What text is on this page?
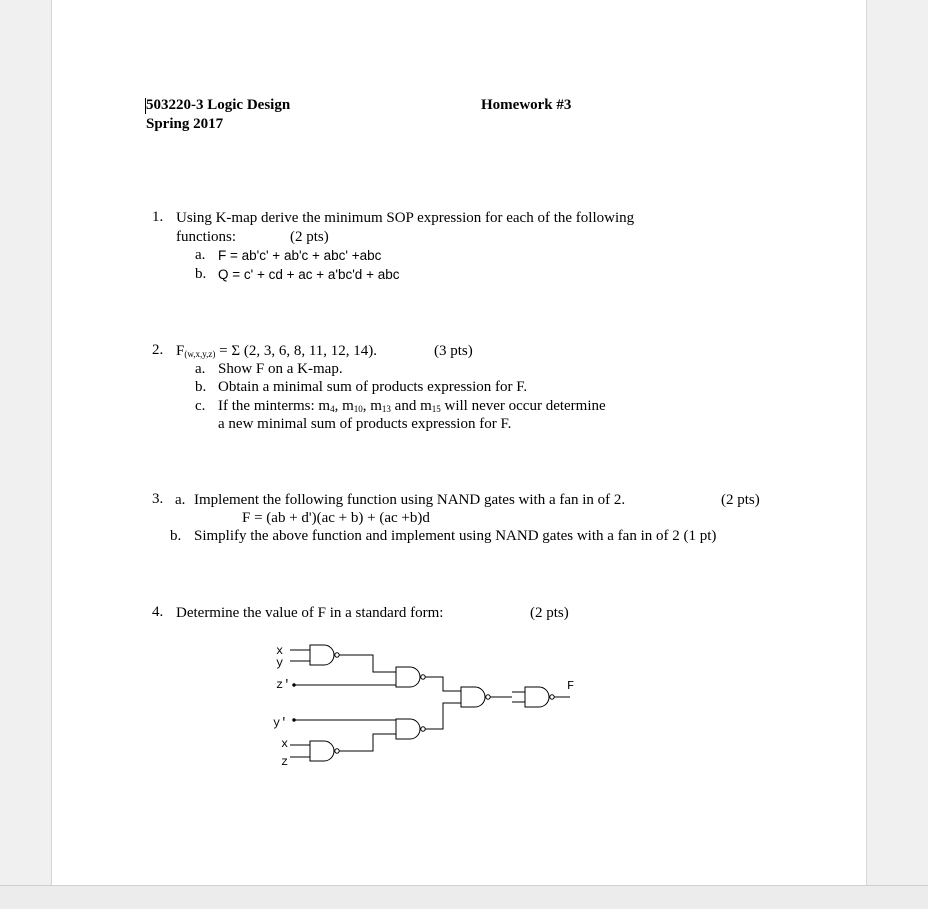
503220-3 Logic Design
Spring 2017
Homework #3
1. Using K-map derive the minimum SOP expression for each of the following
functions:	(2 pts)
a. F = ab'c' + ab'c + abc' +abc
b. Q = c' + cd + ac + a'bc'd + abc
2. $F_{(w,x,y,z)} = \Sigma$ (2, 3, 6, 8, 11, 12, 14).	(3 pts)
a. Show F on a K-map.
b. Obtain a minimal sum of products expression for F.
c. If the minterms: $m_4$, $m_{10}$, $m_{13}$ and $m_{15}$ will never occur determine
a new minimal sum of products expression for F.
3. a. Implement the following function using NAND gates with a fan in of 2.	(2 pts)
F = (ab + d')(ac + b) + (ac +b)d
b. Simplify the above function and implement using NAND gates with a fan in of 2 (1 pt)
4. Determine the value of F in a standard form:	(2 pts)
x
y
z'
y'
x
z
F
